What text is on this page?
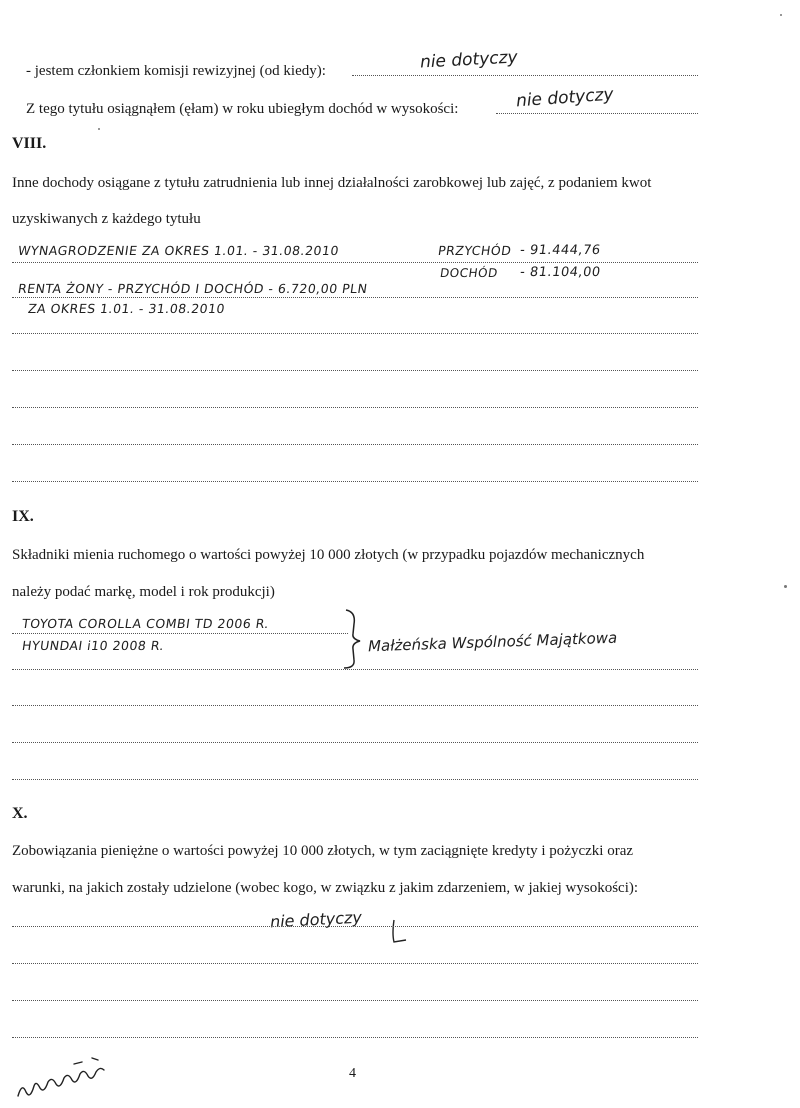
- jestem członkiem komisji rewizyjnej (od kiedy):	nie dotyczy
Z tego tytułu osiągnąłem (ęłam) w roku ubiegłym dochód w wysokości:	nie dotyczy
VIII.
Inne dochody osiągane z tytułu zatrudnienia lub innej działalności zarobkowej lub zajęć, z podaniem kwot
uzyskiwanych z każdego tytułu
WYNAGRODZENIE ZA OKRES 1.01. - 31.08.2010	PRZYCHÓD - 91.444,76
DOCHÓD - 81.104,00
RENTA ŻONY - PRZYCHÓD I DOCHÓD - 6.720,00 PLN
ZA OKRES 1.01. - 31.08.2010
IX.
Składniki mienia ruchomego o wartości powyżej 10 000 złotych (w przypadku pojazdów mechanicznych
należy podać markę, model i rok produkcji)
TOYOTA COROLLA COMBI TD 2006 R.
HYUNDAI i10 2008 R.	Małżeńska Wspólność Majątkowa
X.
Zobowiązania pieniężne o wartości powyżej 10 000 złotych, w tym zaciągnięte kredyty i pożyczki oraz
warunki, na jakich zostały udzielone (wobec kogo, w związku z jakim zdarzeniem, w jakiej wysokości):
nie dotyczy
4
